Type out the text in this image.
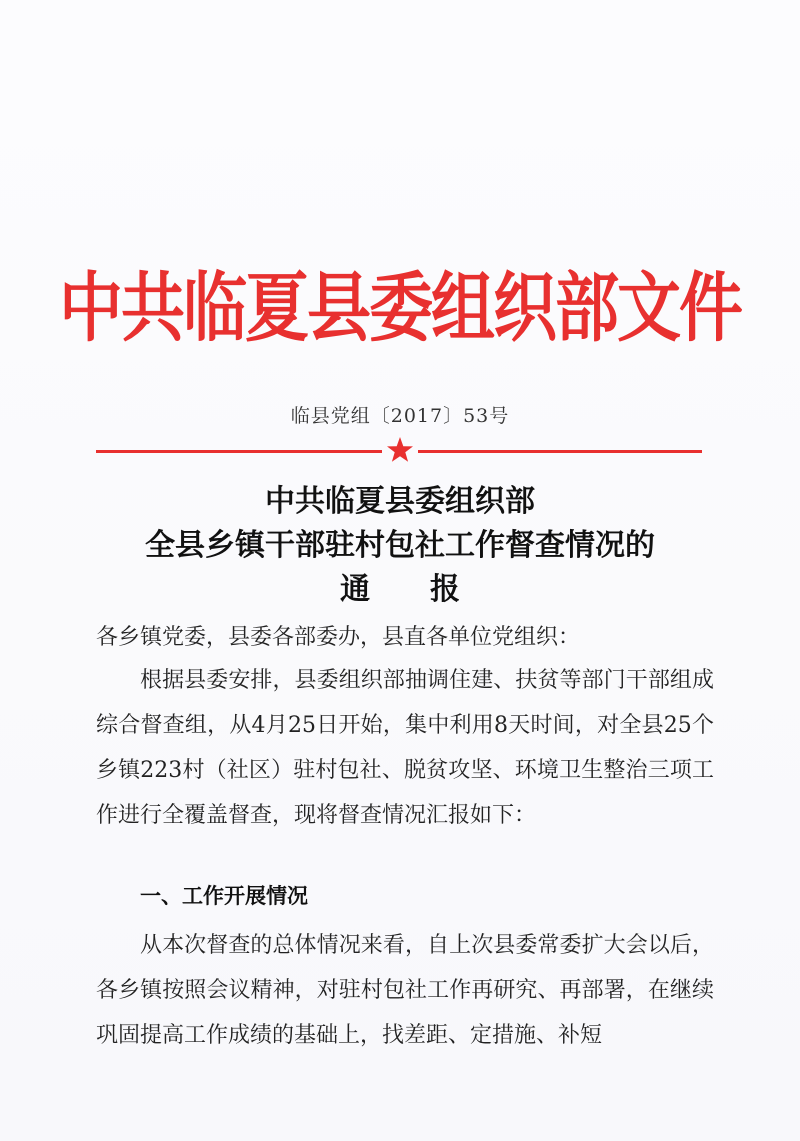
中共临夏县委组织部文件
临县党组〔2017〕53号
中共临夏县委组织部
全县乡镇干部驻村包社工作督查情况的
通报
各乡镇党委，县委各部委办，县直各单位党组织：
根据县委安排，县委组织部抽调住建、扶贫等部门干部组成综合督查组，从4月25日开始，集中利用8天时间，对全县25个乡镇223村（社区）驻村包社、脱贫攻坚、环境卫生整治三项工作进行全覆盖督查，现将督查情况汇报如下：
一、工作开展情况
从本次督查的总体情况来看，自上次县委常委扩大会以后，各乡镇按照会议精神，对驻村包社工作再研究、再部署，在继续巩固提高工作成绩的基础上，找差距、定措施、补短
